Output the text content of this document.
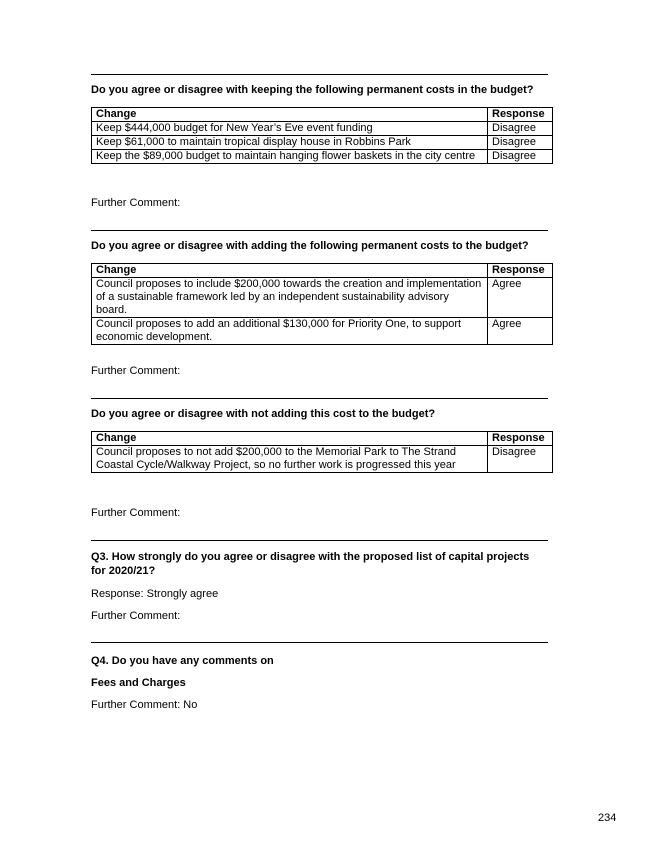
Do you agree or disagree with keeping the following permanent costs in the budget?
Change	Response
Keep $444,000 budget for New Year’s Eve event funding	Disagree
Keep $61,000 to maintain tropical display house in Robbins Park	Disagree
Keep the $89,000 budget to maintain hanging flower baskets in the city centre	Disagree
Further Comment:
Do you agree or disagree with adding the following permanent costs to the budget?
Change	Response
Council proposes to include $200,000 towards the creation and implementation of a sustainable framework led by an independent sustainability advisory board.	Agree
Council proposes to add an additional $130,000 for Priority One, to support economic development.	Agree
Further Comment:
Do you agree or disagree with not adding this cost to the budget?
Change	Response
Council proposes to not add $200,000 to the Memorial Park to The Strand Coastal Cycle/Walkway Project, so no further work is progressed this year	Disagree
Further Comment:
Q3. How strongly do you agree or disagree with the proposed list of capital projects for 2020/21?
Response: Strongly agree
Further Comment:
Q4. Do you have any comments on
Fees and Charges
Further Comment: No
234
